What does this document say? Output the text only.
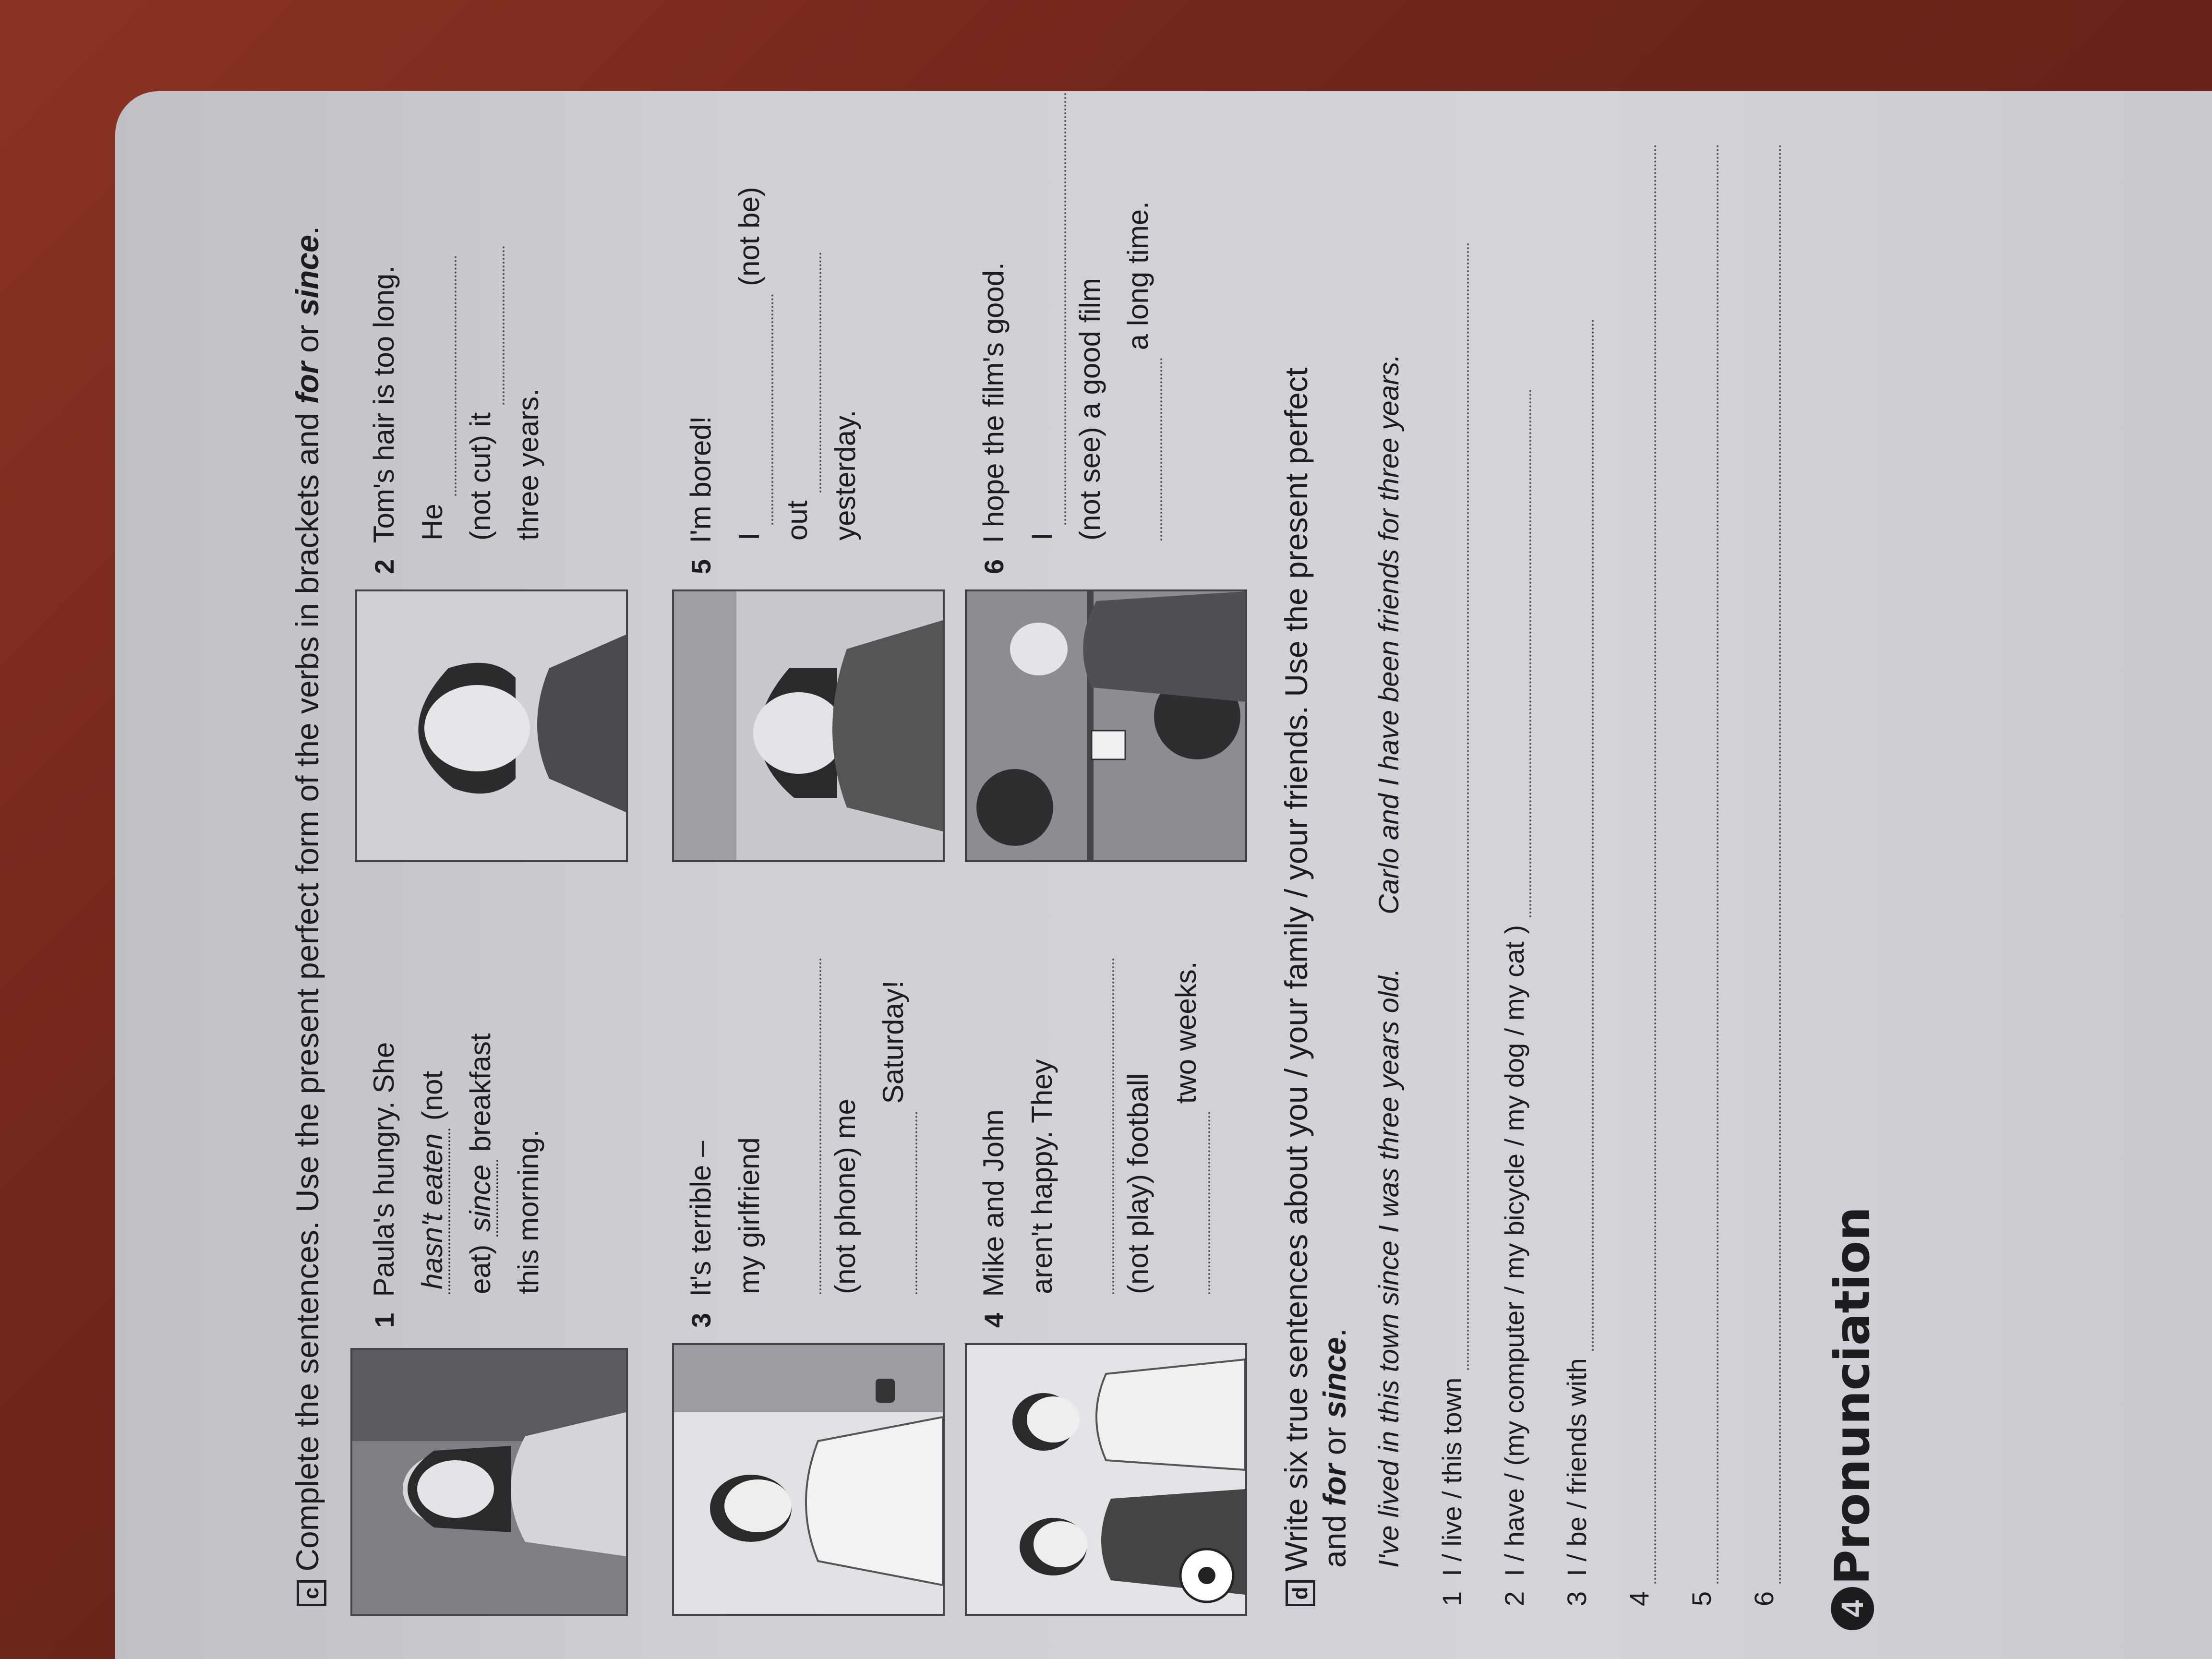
c Complete the sentences. Use the present perfect form of the verbs in brackets and for or since.
1  Paula's hungry. She hasn't eaten (not
eat) since breakfast
this morning.
2  Tom's hair is too long. He (not cut) it three years.
3  It's terrible – my girlfriend (not phone) me
Saturday!
5  I'm bored! I  (not be)
out yesterday.
4  Mike and John aren't happy. They (not play) football
two weeks.
6  I hope the film's good. I (not see) a good film
a long time.
d Write six true sentences about you / your family / your friends. Use the present perfect
and for or since. I've lived in this town since I was three years old.  Carlo and I have been friends for three years.
1  I / live / this town
2  I / have / (my computer / my bicycle / my dog / my cat )
3  I / be / friends with
4 5 6
4 Pronunciation
